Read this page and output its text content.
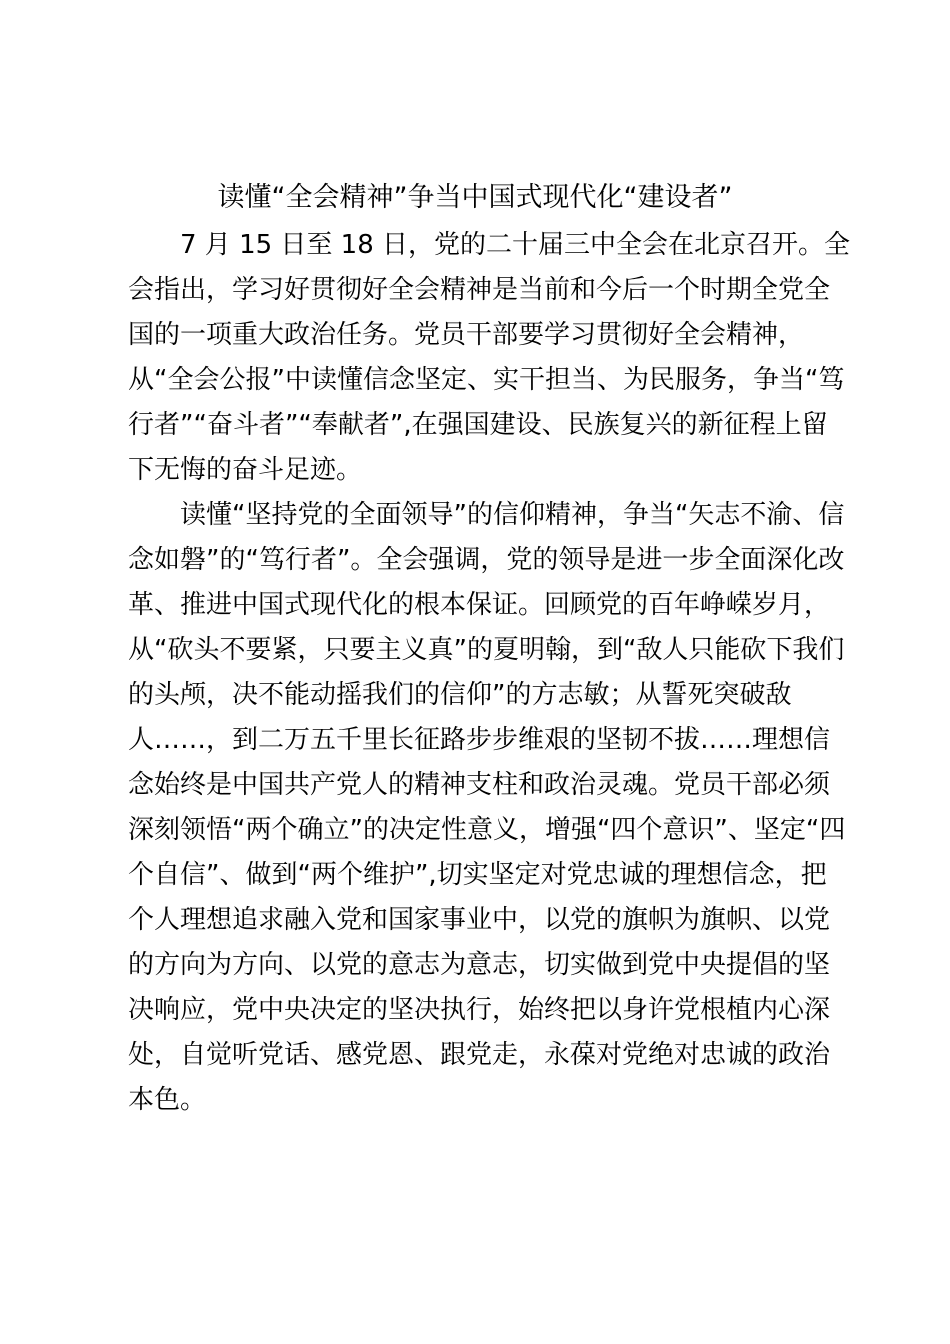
读懂“全会精神”争当中国式现代化“建设者”

7 月 15 日至 18 日，党的二十届三中全会在北京召开。全
会指出，学习好贯彻好全会精神是当前和今后一个时期全党全
国的一项重大政治任务。党员干部要学习贯彻好全会精神，
从“全会公报”中读懂信念坚定、实干担当、为民服务，争当“笃
行者”“奋斗者”“奉献者”,在强国建设、民族复兴的新征程上留
下无悔的奋斗足迹。

读懂“坚持党的全面领导”的信仰精神，争当“矢志不渝、信
念如磐”的“笃行者”。全会强调，党的领导是进一步全面深化改
革、推进中国式现代化的根本保证。回顾党的百年峥嵘岁月，
从“砍头不要紧，只要主义真”的夏明翰，到“敌人只能砍下我们
的头颅，决不能动摇我们的信仰”的方志敏；从誓死突破敌
人……，到二万五千里长征路步步维艰的坚韧不拔……理想信
念始终是中国共产党人的精神支柱和政治灵魂。党员干部必须
深刻领悟“两个确立”的决定性意义，增强“四个意识”、坚定“四
个自信”、做到“两个维护”,切实坚定对党忠诚的理想信念，把
个人理想追求融入党和国家事业中，以党的旗帜为旗帜、以党
的方向为方向、以党的意志为意志，切实做到党中央提倡的坚
决响应，党中央决定的坚决执行，始终把以身许党根植内心深
处，自觉听党话、感党恩、跟党走，永葆对党绝对忠诚的政治
本色。
